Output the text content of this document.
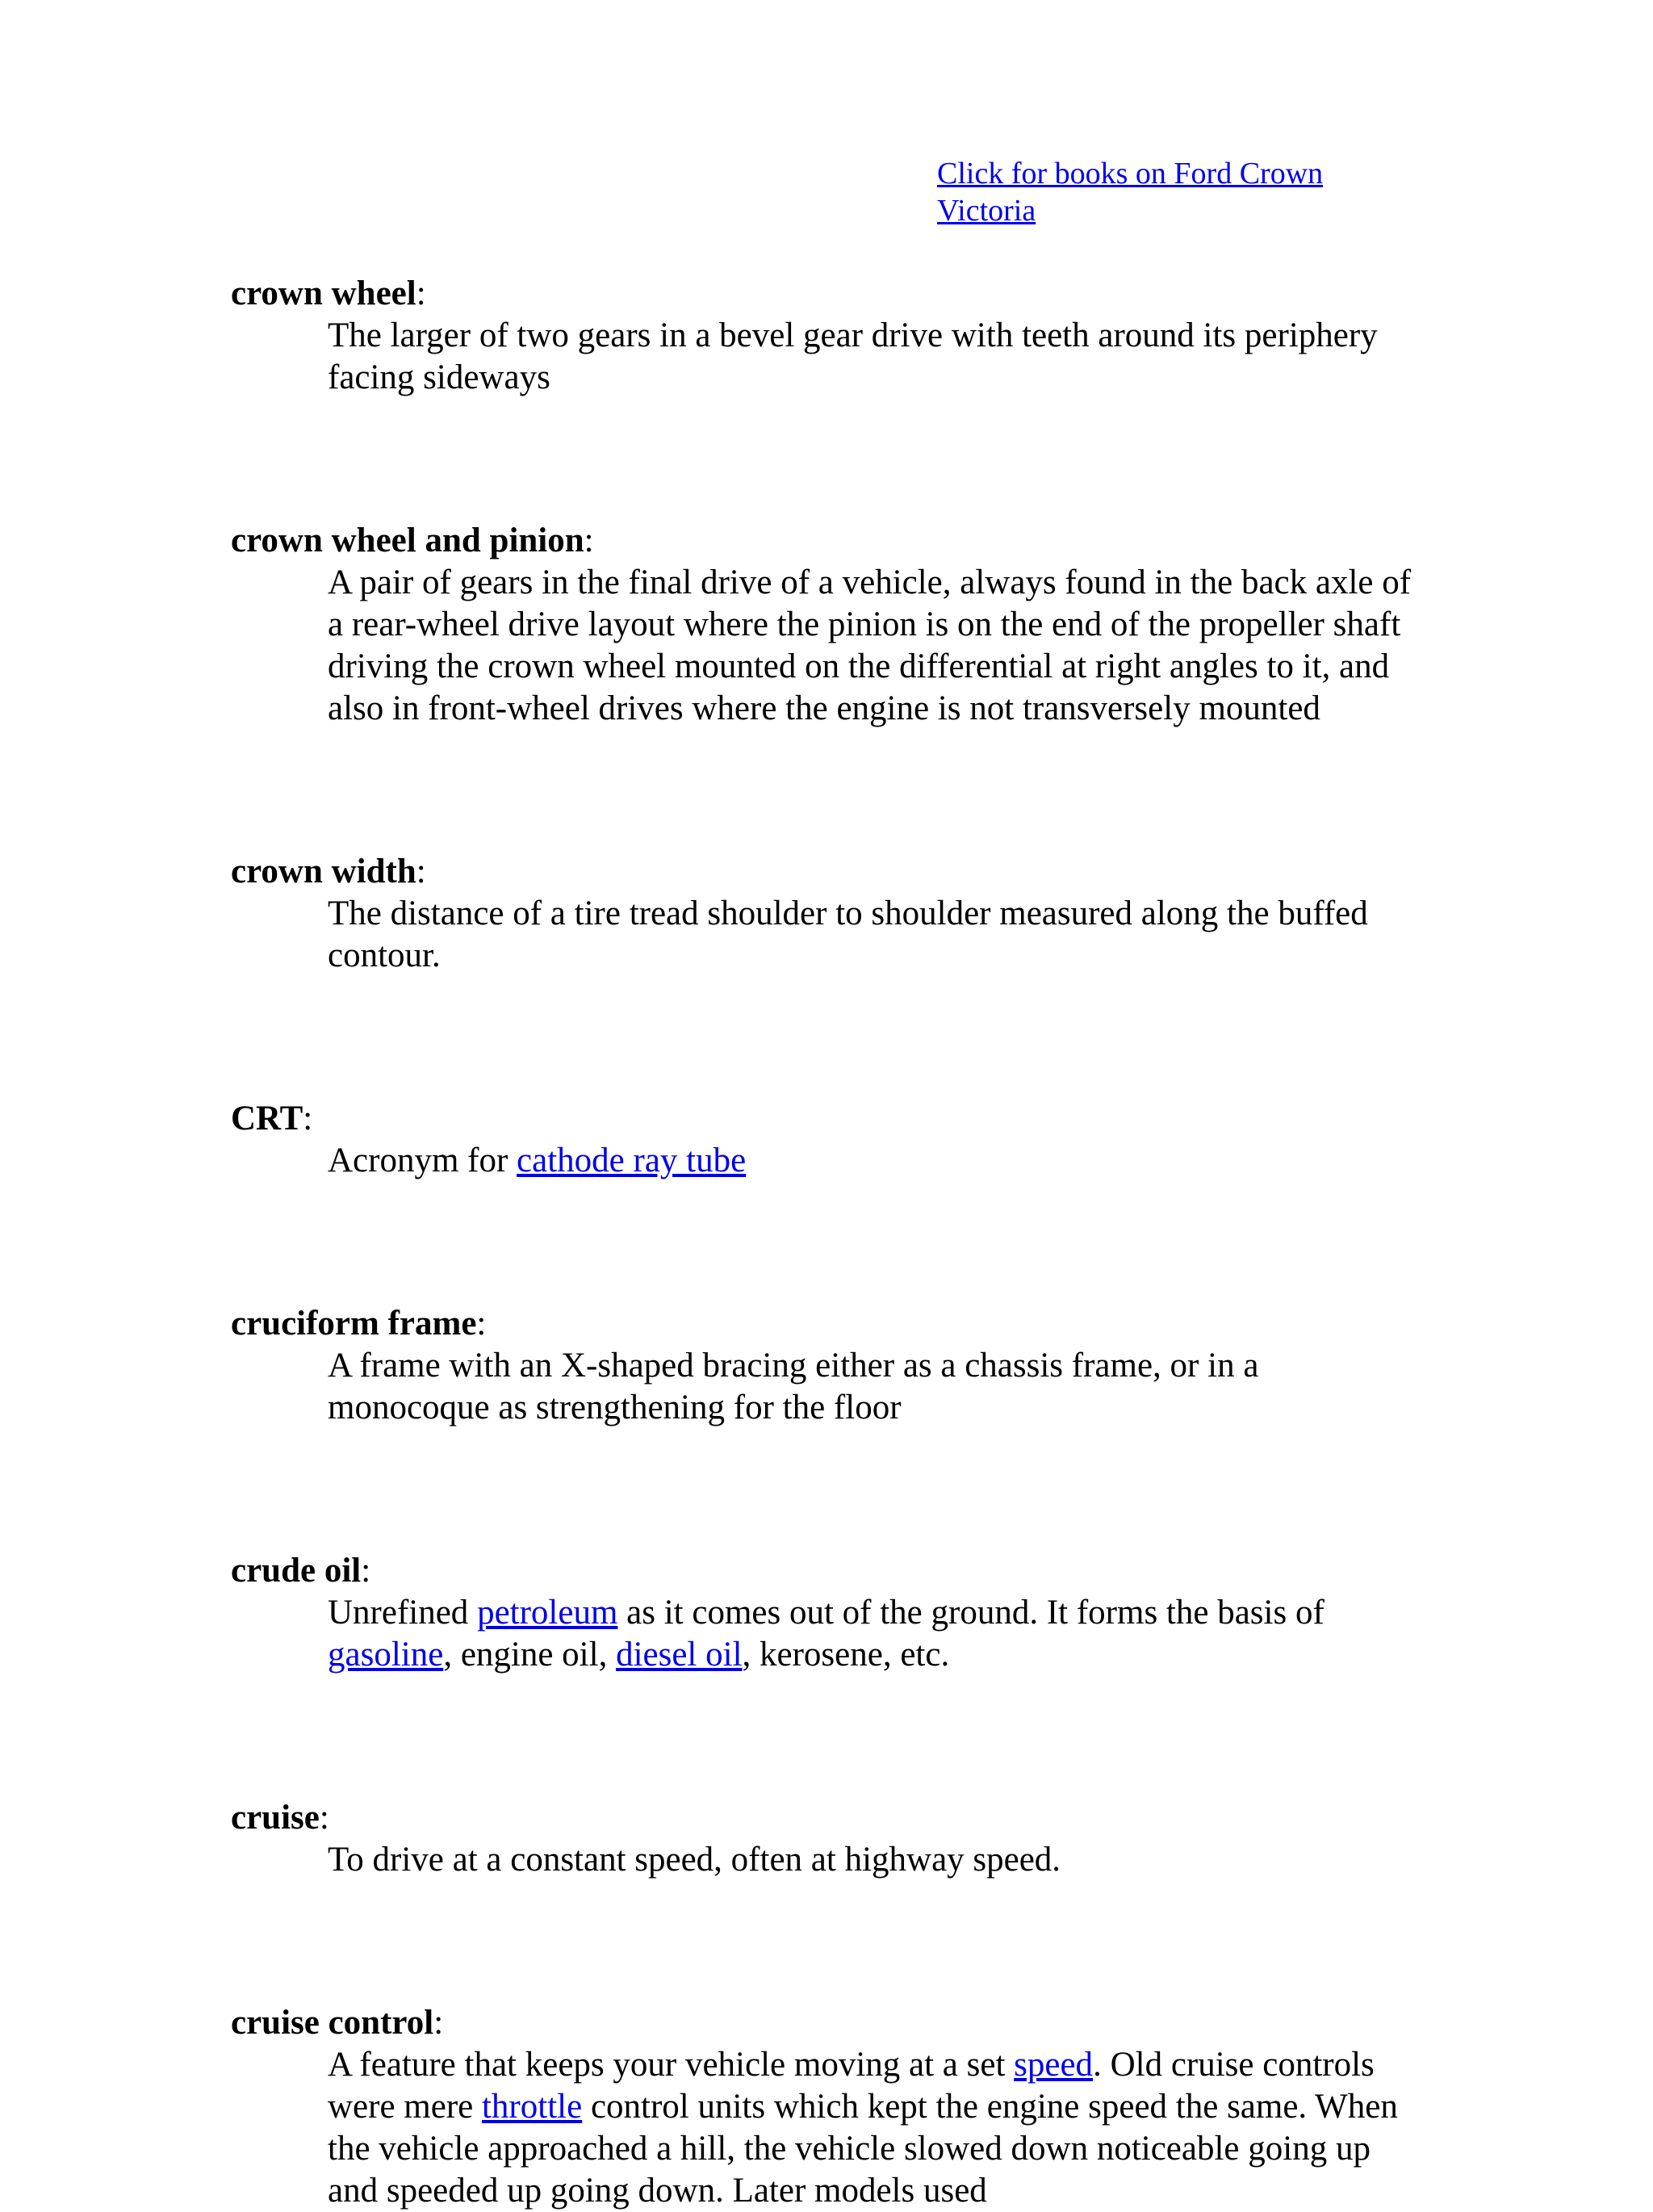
Click for books on Ford Crown Victoria
crown wheel:
The larger of two gears in a bevel gear drive with teeth around its periphery facing sideways
crown wheel and pinion:
A pair of gears in the final drive of a vehicle, always found in the back axle of a rear-wheel drive layout where the pinion is on the end of the propeller shaft driving the crown wheel mounted on the differential at right angles to it, and also in front-wheel drives where the engine is not transversely mounted
crown width:
The distance of a tire tread shoulder to shoulder measured along the buffed contour.
CRT:
Acronym for cathode ray tube
cruciform frame:
A frame with an X-shaped bracing either as a chassis frame, or in a monocoque as strengthening for the floor
crude oil:
Unrefined petroleum as it comes out of the ground. It forms the basis of gasoline, engine oil, diesel oil, kerosene, etc.
cruise:
To drive at a constant speed, often at highway speed.
cruise control:
A feature that keeps your vehicle moving at a set speed. Old cruise controls were mere throttle control units which kept the engine speed the same. When the vehicle approached a hill, the vehicle slowed down noticeable going up and speeded up going down. Later models used
